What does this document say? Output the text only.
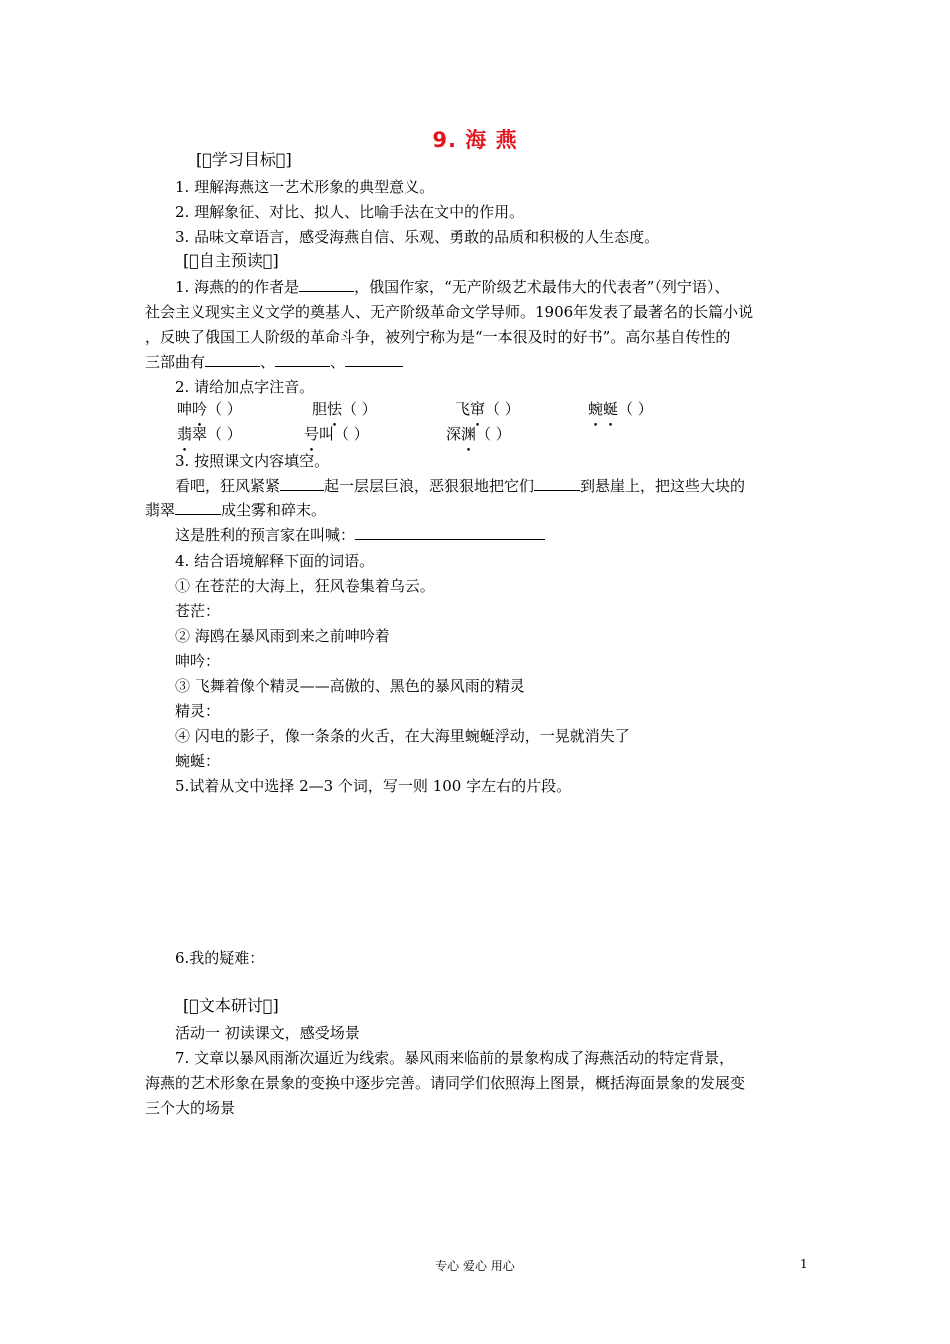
9. 海 燕
[ 学习目标 ]
1. 理解海燕这一艺术形象的典型意义。
2. 理解象征、对比、拟人、比喻手法在文中的作用。
3. 品味文章语言，感受海燕自信、乐观、勇敢的品质和积极的人生态度。
[ 自主预读 ]
1. 海燕的的作者是	，俄国作家，“无产阶级艺术最伟大的代表者”（列宁语）、
社会主义现实主义文学的奠基人、无产阶级革命文学导师。1906年发表了最著名的长篇小说
，反映了俄国工人阶级的革命斗争，被列宁称为是“一本很及时的好书”。高尔基自传性的
三部曲有	、	、
2. 请给加点字注音。
呻吟（ ）	胆怯（ ）	飞窜（ ）	蜿蜒（ ）
翡翠（ ）	号叫（ ）	深渊（ ）
3. 按照课文内容填空。
看吧，狂风紧紧	起一层层巨浪，恶狠狠地把它们	到悬崖上，把这些大块的
翡翠	成尘雾和碎末。
这是胜利的预言家在叫喊：
4. 结合语境解释下面的词语。
① 在苍茫的大海上，狂风卷集着乌云。
苍茫：
② 海鸥在暴风雨到来之前呻吟着
呻吟：
③ 飞舞着像个精灵——高傲的、黑色的暴风雨的精灵
精灵：
④ 闪电的影子，像一条条的火舌，在大海里蜿蜒浮动，一晃就消失了
蜿蜒：
5.试着从文中选择 2—3 个词，写一则 100 字左右的片段。
6.我的疑难：
[ 文本研讨 ]
活动一 初读课文，感受场景
7. 文章以暴风雨渐次逼近为线索。暴风雨来临前的景象构成了海燕活动的特定背景，
海燕的艺术形象在景象的变换中逐步完善。请同学们依照海上图景，概括海面景象的发展变
三个大的场景
专心 爱心 用心	1
